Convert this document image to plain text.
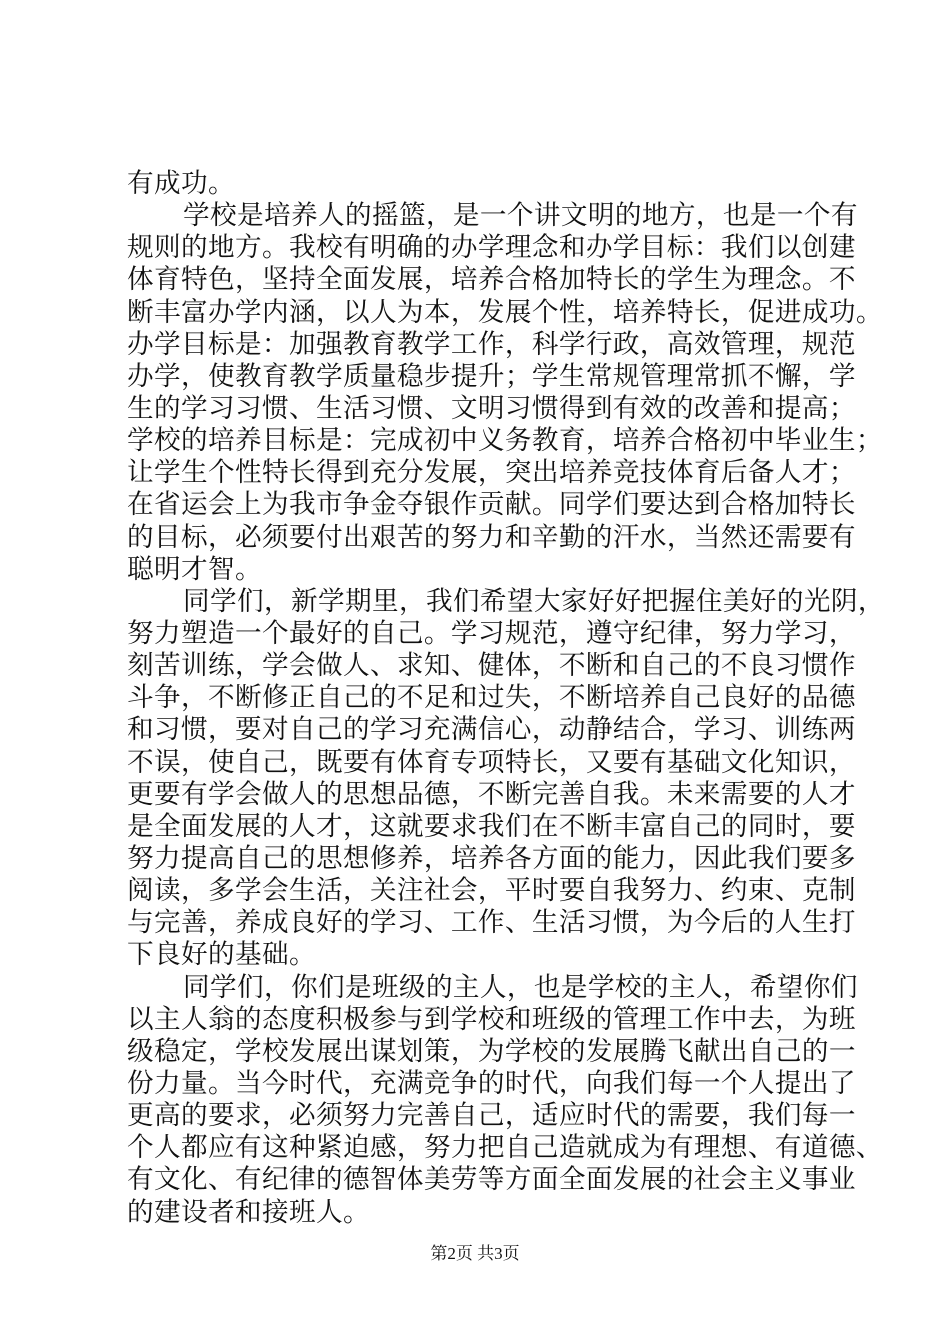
有成功。
学校是培养人的摇篮，是一个讲文明的地方，也是一个有
规则的地方。我校有明确的办学理念和办学目标：我们以创建
体育特色，坚持全面发展，培养合格加特长的学生为理念。不
断丰富办学内涵，以人为本，发展个性，培养特长，促进成功。
办学目标是：加强教育教学工作，科学行政，高效管理，规范
办学，使教育教学质量稳步提升；学生常规管理常抓不懈，学
生的学习习惯、生活习惯、文明习惯得到有效的改善和提高；
学校的培养目标是：完成初中义务教育，培养合格初中毕业生；
让学生个性特长得到充分发展，突出培养竞技体育后备人才；
在省运会上为我市争金夺银作贡献。同学们要达到合格加特长
的目标，必须要付出艰苦的努力和辛勤的汗水，当然还需要有
聪明才智。
同学们，新学期里，我们希望大家好好把握住美好的光阴，
努力塑造一个最好的自己。学习规范，遵守纪律，努力学习，
刻苦训练，学会做人、求知、健体，不断和自己的不良习惯作
斗争，不断修正自己的不足和过失，不断培养自己良好的品德
和习惯，要对自己的学习充满信心，动静结合，学习、训练两
不误，使自己，既要有体育专项特长，又要有基础文化知识，
更要有学会做人的思想品德，不断完善自我。未来需要的人才
是全面发展的人才，这就要求我们在不断丰富自己的同时，要
努力提高自己的思想修养，培养各方面的能力，因此我们要多
阅读，多学会生活，关注社会，平时要自我努力、约束、克制
与完善，养成良好的学习、工作、生活习惯，为今后的人生打
下良好的基础。
同学们，你们是班级的主人，也是学校的主人，希望你们
以主人翁的态度积极参与到学校和班级的管理工作中去，为班
级稳定，学校发展出谋划策，为学校的发展腾飞献出自己的一
份力量。当今时代，充满竞争的时代，向我们每一个人提出了
更高的要求，必须努力完善自己，适应时代的需要，我们每一
个人都应有这种紧迫感，努力把自己造就成为有理想、有道德、
有文化、有纪律的德智体美劳等方面全面发展的社会主义事业
的建设者和接班人。
第2页 共3页
